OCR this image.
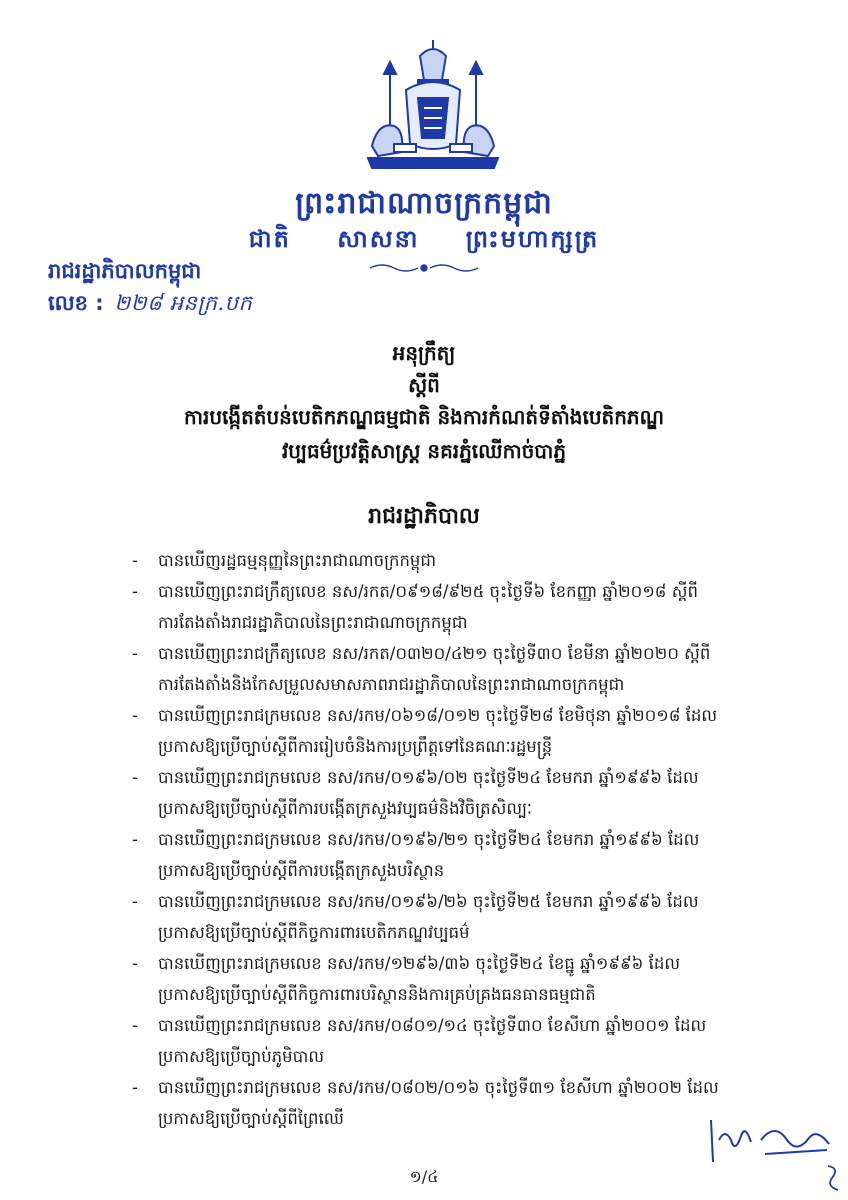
ព្រះរាជាណាចក្រកម្ពុជា
ជាតិ សាសនា ព្រះមហាក្សត្រ
រាជរដ្ឋាភិបាលកម្ពុជា
លេខ : ២២៨ អនក្រ.បក
អនុក្រឹត្យ
ស្ដីពី
ការបង្កើតតំបន់បេតិកភណ្ឌធម្មជាតិ និងការកំណត់ទីតាំងបេតិកភណ្ឌ
វប្បធម៌ប្រវត្តិសាស្ត្រ នគរភ្នំឈើកាច់បាភ្នំ
រាជរដ្ឋាភិបាល
- បានឃើញរដ្ឋធម្មនុញ្ញនៃព្រះរាជាណាចក្រកម្ពុជា
- បានឃើញព្រះរាជក្រឹត្យលេខ នស/រកត/០៩១៨/៩២៥ ចុះថ្ងៃទី៦ ខែកញ្ញា ឆ្នាំ២០១៨ ស្ដីពី
ការតែងតាំងរាជរដ្ឋាភិបាលនៃព្រះរាជាណាចក្រកម្ពុជា
- បានឃើញព្រះរាជក្រឹត្យលេខ នស/រកត/០៣២០/៤២១ ចុះថ្ងៃទី៣០ ខែមីនា ឆ្នាំ២០២០ ស្ដីពី
ការតែងតាំងនិងកែសម្រួលសមាសភាពរាជរដ្ឋាភិបាលនៃព្រះរាជាណាចក្រកម្ពុជា
- បានឃើញព្រះរាជក្រមលេខ នស/រកម/០៦១៨/០១២ ចុះថ្ងៃទី២៨ ខែមិថុនា ឆ្នាំ២០១៨ ដែល
ប្រកាសឱ្យប្រើច្បាប់ស្ដីពីការរៀបចំនិងការប្រព្រឹត្តទៅនៃគណៈរដ្ឋមន្ត្រី
- បានឃើញព្រះរាជក្រមលេខ នស/រកម/០១៩៦/០២ ចុះថ្ងៃទី២៤ ខែមករា ឆ្នាំ១៩៩៦ ដែល
ប្រកាសឱ្យប្រើច្បាប់ស្ដីពីការបង្កើតក្រសួងវប្បធម៌និងវិចិត្រសិល្បៈ
- បានឃើញព្រះរាជក្រមលេខ នស/រកម/០១៩៦/២១ ចុះថ្ងៃទី២៤ ខែមករា ឆ្នាំ១៩៩៦ ដែល
ប្រកាសឱ្យប្រើច្បាប់ស្ដីពីការបង្កើតក្រសួងបរិស្ថាន
- បានឃើញព្រះរាជក្រមលេខ នស/រកម/០១៩៦/២៦ ចុះថ្ងៃទី២៥ ខែមករា ឆ្នាំ១៩៩៦ ដែល
ប្រកាសឱ្យប្រើច្បាប់ស្ដីពីកិច្ចការពារបេតិកភណ្ឌវប្បធម៌
- បានឃើញព្រះរាជក្រមលេខ នស/រកម/១២៩៦/៣៦ ចុះថ្ងៃទី២៤ ខែធ្នូ ឆ្នាំ១៩៩៦ ដែល
ប្រកាសឱ្យប្រើច្បាប់ស្ដីពីកិច្ចការពារបរិស្ថាននិងការគ្រប់គ្រងធនធានធម្មជាតិ
- បានឃើញព្រះរាជក្រមលេខ នស/រកម/០៨០១/១៤ ចុះថ្ងៃទី៣០ ខែសីហា ឆ្នាំ២០០១ ដែល
ប្រកាសឱ្យប្រើច្បាប់ភូមិបាល
- បានឃើញព្រះរាជក្រមលេខ នស/រកម/០៨០២/០១៦ ចុះថ្ងៃទី៣១ ខែសីហា ឆ្នាំ២០០២ ដែល
ប្រកាសឱ្យប្រើច្បាប់ស្ដីពីព្រៃឈើ
១/៤
